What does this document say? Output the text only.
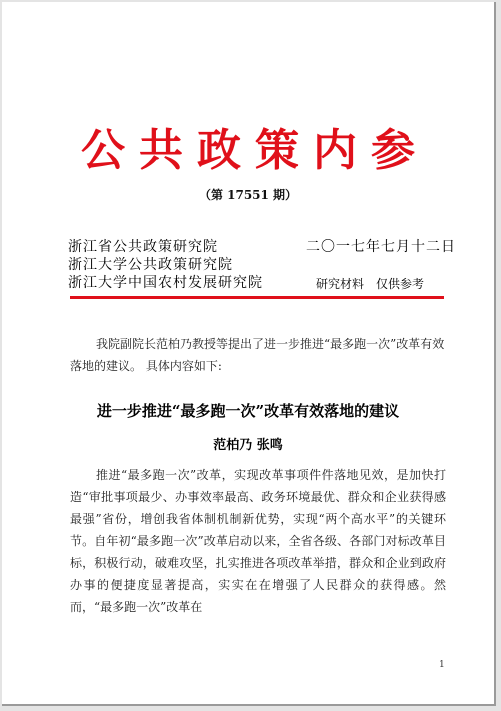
公共政策内参
（第 17551 期）
浙江省公共政策研究院
浙江大学公共政策研究院
浙江大学中国农村发展研究院
二〇一七年七月十二日
研究材料　仅供参考
我院副院长范柏乃教授等提出了进一步推进“最多跑一次”改革有效落地的建议。 具体内容如下:
进一步推进“最多跑一次”改革有效落地的建议
范柏乃 张鸣
推进“最多跑一次”改革，实现改革事项件件落地见效，是加快打造“审批事项最少、办事效率最高、政务环境最优、群众和企业获得感最强”省份，增创我省体制机制新优势，实现“两个高水平”的关键环节。自年初“最多跑一次”改革启动以来，全省各级、各部门对标改革目标，积极行动，破难攻坚，扎实推进各项改革举措，群众和企业到政府办事的便捷度显著提高，实实在在增强了人民群众的获得感。然而，“最多跑一次”改革在
1
